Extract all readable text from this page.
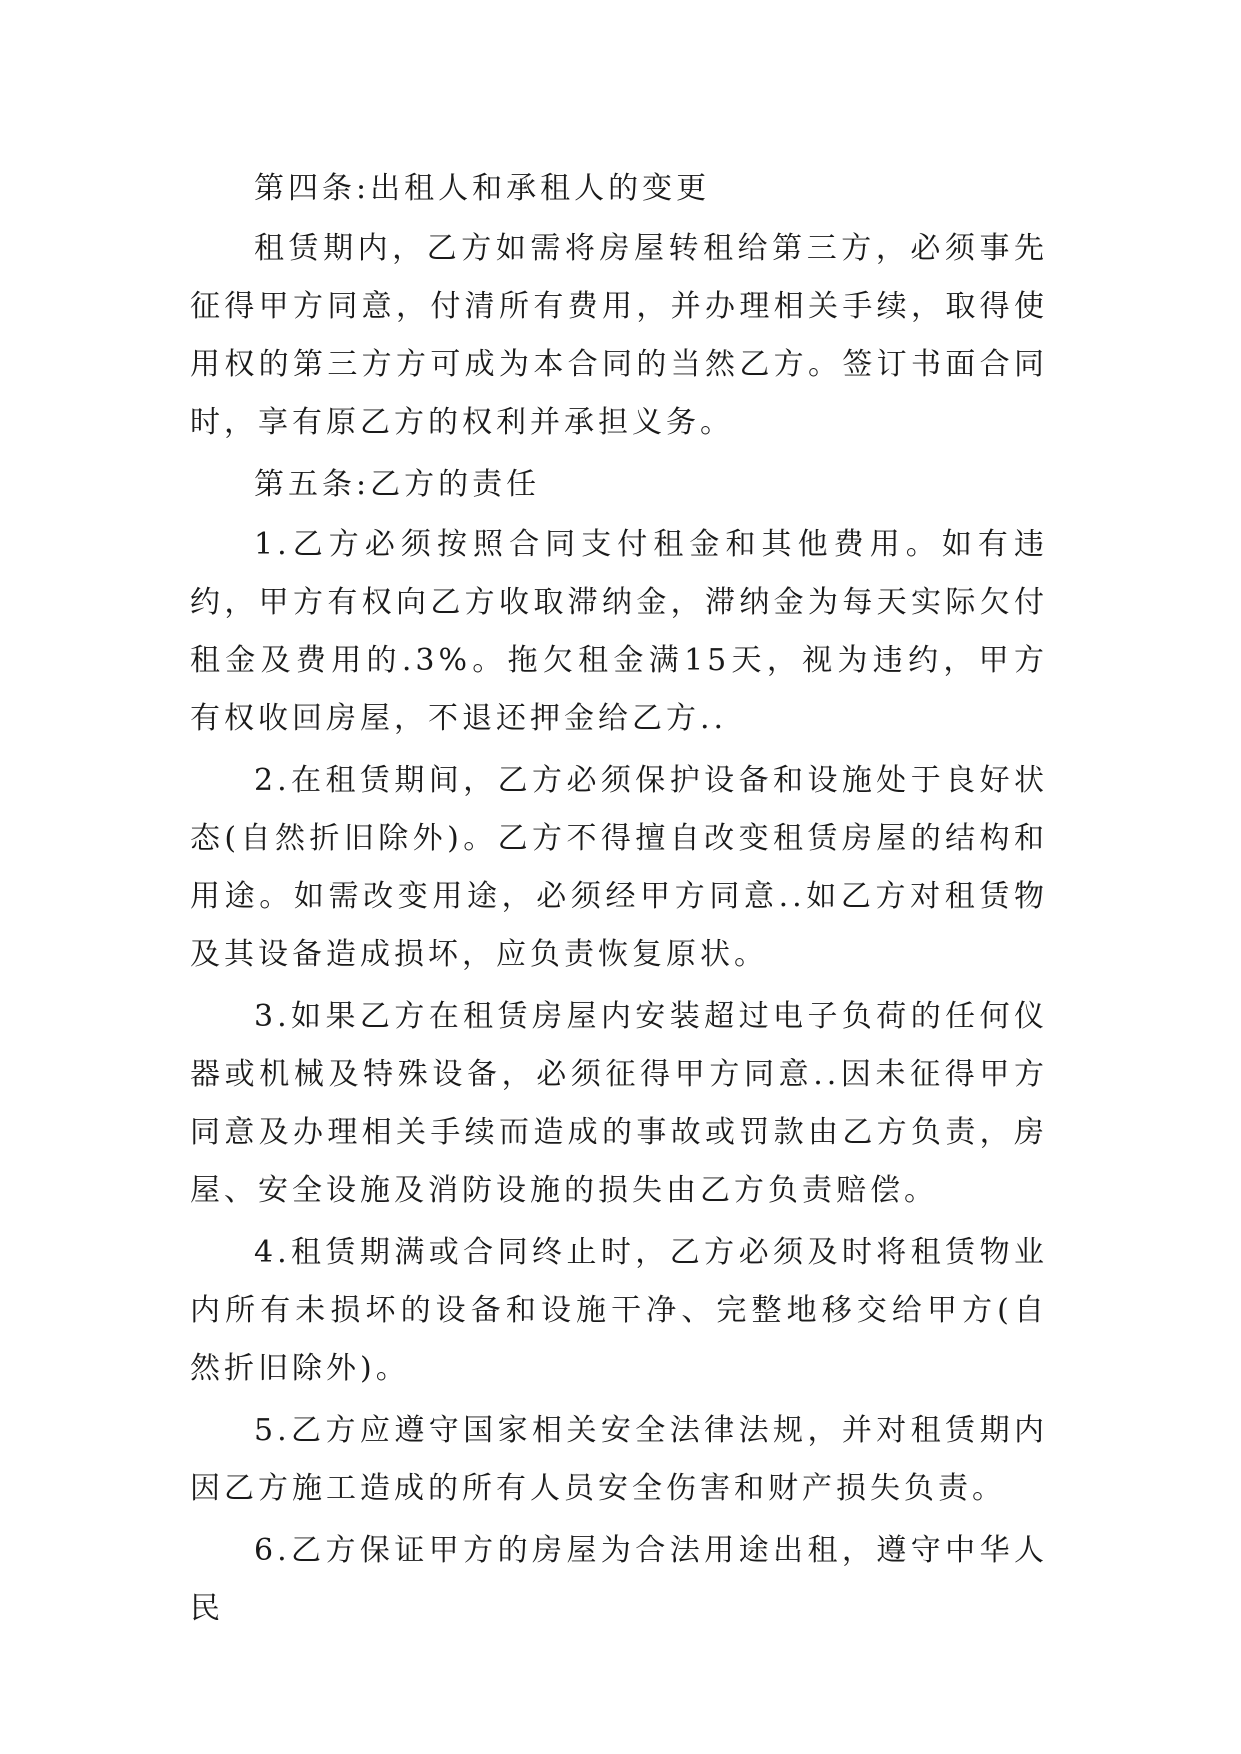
第四条:出租人和承租人的变更

租赁期内，乙方如需将房屋转租给第三方，必须事先征得甲方同意，付清所有费用，并办理相关手续，取得使用权的第三方方可成为本合同的当然乙方。签订书面合同时，享有原乙方的权利并承担义务。

第五条:乙方的责任

1.乙方必须按照合同支付租金和其他费用。如有违约，甲方有权向乙方收取滞纳金，滞纳金为每天实际欠付租金及费用的.3%。拖欠租金满15天，视为违约，甲方有权收回房屋，不退还押金给乙方..

2.在租赁期间，乙方必须保护设备和设施处于良好状态(自然折旧除外)。乙方不得擅自改变租赁房屋的结构和用途。如需改变用途，必须经甲方同意..如乙方对租赁物及其设备造成损坏，应负责恢复原状。

3.如果乙方在租赁房屋内安装超过电子负荷的任何仪器或机械及特殊设备，必须征得甲方同意..因未征得甲方同意及办理相关手续而造成的事故或罚款由乙方负责，房屋、安全设施及消防设施的损失由乙方负责赔偿。

4.租赁期满或合同终止时，乙方必须及时将租赁物业内所有未损坏的设备和设施干净、完整地移交给甲方(自然折旧除外)。

5.乙方应遵守国家相关安全法律法规，并对租赁期内因乙方施工造成的所有人员安全伤害和财产损失负责。

6.乙方保证甲方的房屋为合法用途出租，遵守中华人民
